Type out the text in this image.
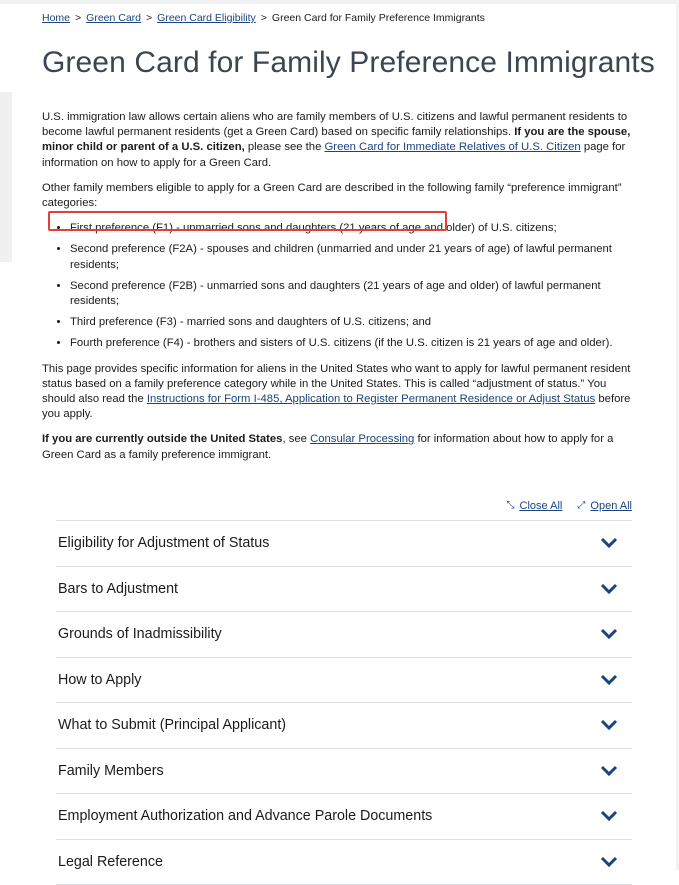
Home > Green Card > Green Card Eligibility > Green Card for Family Preference Immigrants
Green Card for Family Preference Immigrants

U.S. immigration law allows certain aliens who are family members of U.S. citizens and lawful permanent residents to become lawful permanent residents (get a Green Card) based on specific family relationships. If you are the spouse, minor child or parent of a U.S. citizen, please see the Green Card for Immediate Relatives of U.S. Citizen page for information on how to apply for a Green Card.

Other family members eligible to apply for a Green Card are described in the following family “preference immigrant” categories:

• First preference (F1) - unmarried sons and daughters (21 years of age and older) of U.S. citizens;
• Second preference (F2A) - spouses and children (unmarried and under 21 years of age) of lawful permanent residents;
• Second preference (F2B) - unmarried sons and daughters (21 years of age and older) of lawful permanent residents;
• Third preference (F3) - married sons and daughters of U.S. citizens; and
• Fourth preference (F4) - brothers and sisters of U.S. citizens (if the U.S. citizen is 21 years of age and older).

This page provides specific information for aliens in the United States who want to apply for lawful permanent resident status based on a family preference category while in the United States. This is called “adjustment of status.” You should also read the Instructions for Form I-485, Application to Register Permanent Residence or Adjust Status before you apply.

If you are currently outside the United States, see Consular Processing for information about how to apply for a Green Card as a family preference immigrant.

⤡ Close All
⤢ Open All
Eligibility for Adjustment of Status
Bars to Adjustment
Grounds of Inadmissibility
How to Apply
What to Submit (Principal Applicant)
Family Members
Employment Authorization and Advance Parole Documents
Legal Reference
